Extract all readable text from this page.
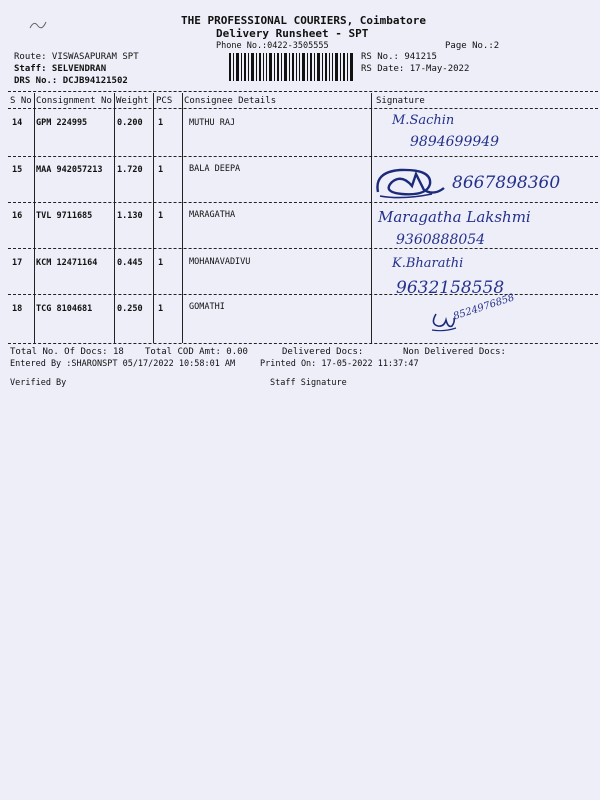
THE PROFESSIONAL COURIERS, Coimbatore
Delivery Runsheet - SPT
Phone No.:0422-3505555	Page No.:2
Route: VISWASAPURAM SPT
Staff: SELVENDRAN
DRS No.: DCJB94121502
RS No.: 941215
RS Date: 17-May-2022
S No Consignment No Weight PCS Consignee Details	Signature
14 GPM 224995	0.200 1	MUTHU RAJ	M.Sachin
9894699949
15 MAA 942057213 1.720 1	BALA DEEPA
8667898360
16 TVL 9711685	1.130 1	MARAGATHA	Maragatha Lakshmi
9360888054
17 KCM 12471164 0.445 1	MOHANAVADIVU	K.Bharathi
9632158558
18 TCG 8104681	0.250 1	GOMATHI	8524976858
Total No. Of Docs: 18 Total COD Amt: 0.00	Delivered Docs:	Non Delivered Docs:
Entered By :SHARONSPT 05/17/2022 10:58:01 AM	Printed On: 17-05-2022 11:37:47
Verified By	Staff Signature
